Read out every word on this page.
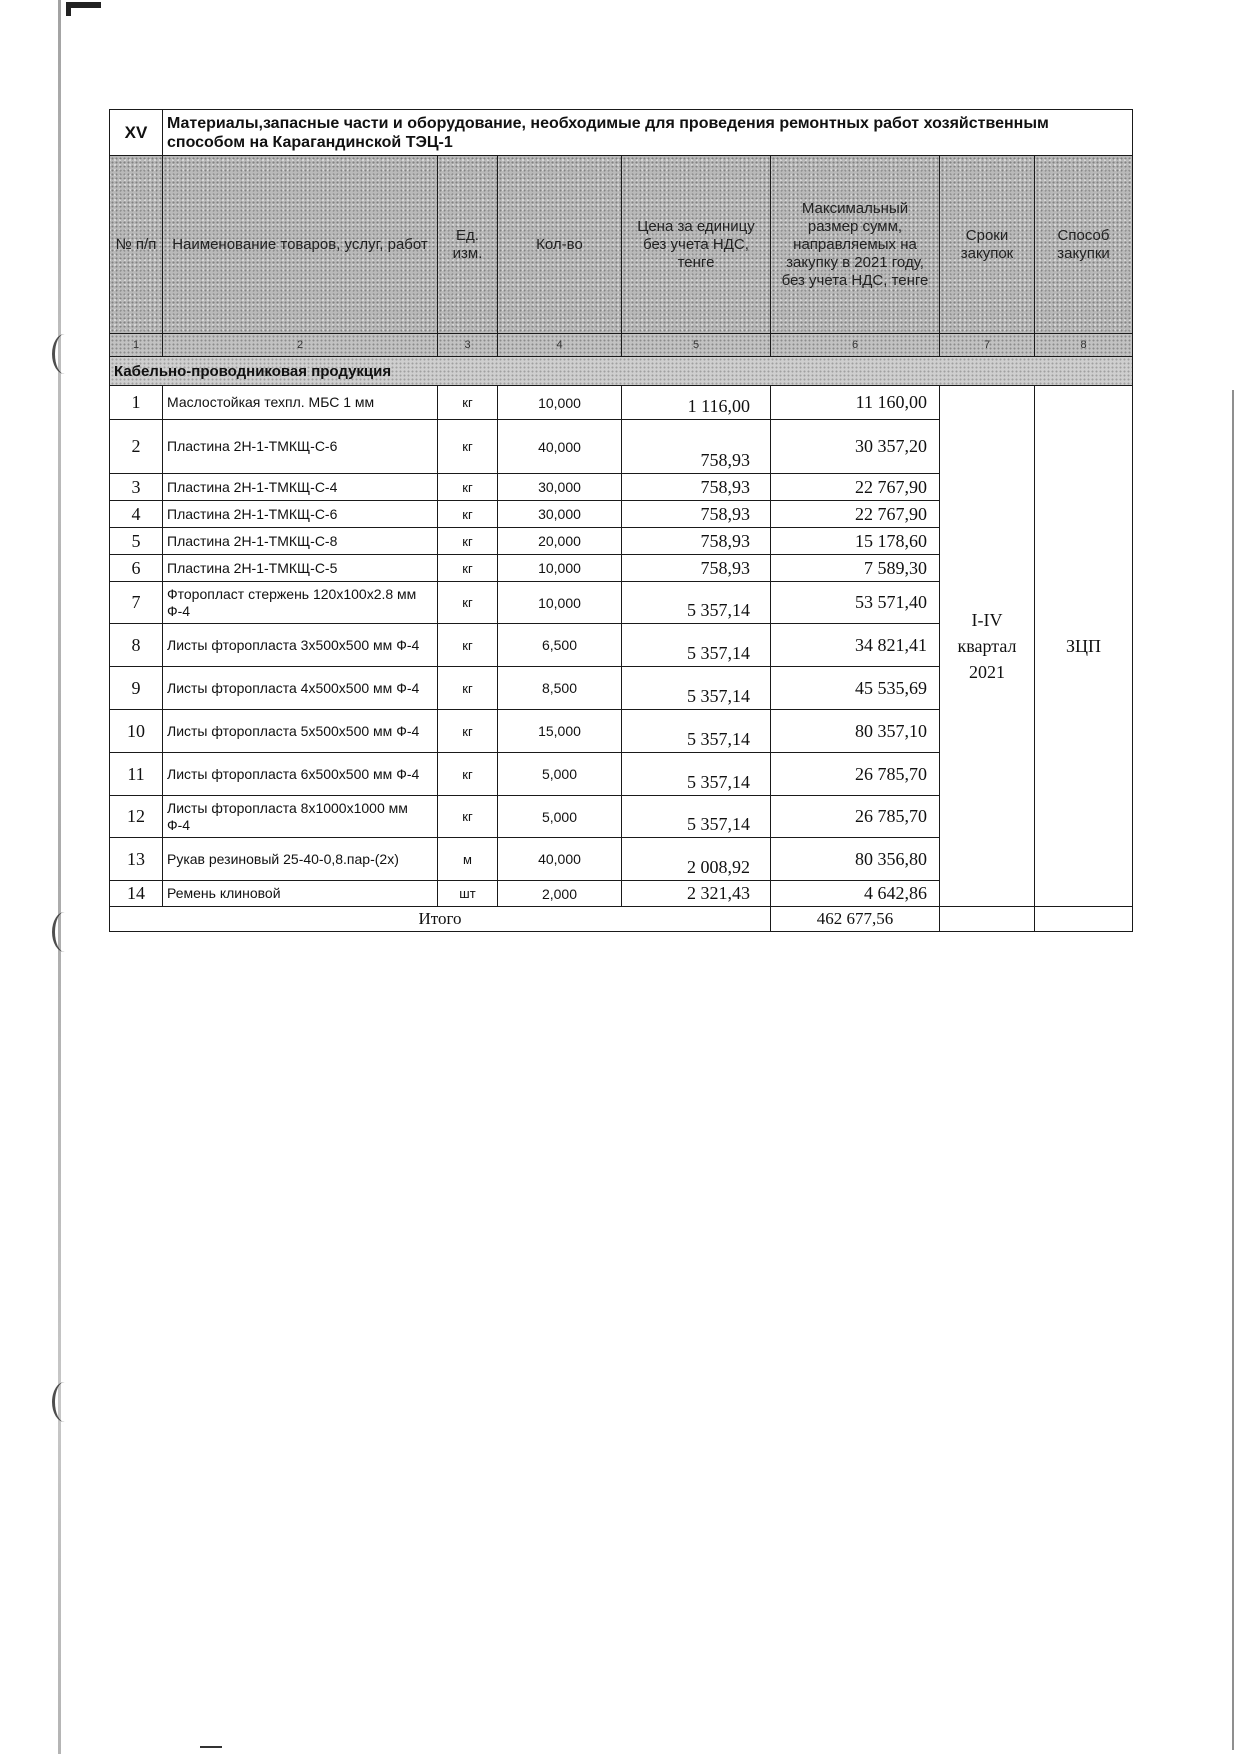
XV	Материалы,запасные части и оборудование, необходимые для проведения ремонтных работ хозяйственным способом на Карагандинской ТЭЦ-1						
№ п/п	Наименование товаров, услуг, работ	Ед. изм.	Кол-во	Цена за единицу без учета НДС, тенге	Максимальный размер сумм, направляемых на закупку в 2021 году, без учета НДС, тенге	Сроки закупок	Способ закупки
1	2	3	4	5	6	7	8
Кабельно-проводниковая продукция							
1	Маслостойкая техпл. МБС 1 мм	кг	10,000	1 116,00	11 160,00	I-IV квартал 2021	ЗЦП
2	Пластина 2Н-1-ТМКЩ-С-6	кг	40,000	758,93	30 357,20		
3	Пластина 2Н-1-ТМКЩ-С-4	кг	30,000	758,93	22 767,90		
4	Пластина 2Н-1-ТМКЩ-С-6	кг	30,000	758,93	22 767,90		
5	Пластина 2Н-1-ТМКЩ-С-8	кг	20,000	758,93	15 178,60		
6	Пластина 2Н-1-ТМКЩ-С-5	кг	10,000	758,93	7 589,30		
7	Фторопласт стержень 120х100х2.8 мм Ф-4	кг	10,000	5 357,14	53 571,40		
8	Листы фторопласта 3х500х500 мм Ф-4	кг	6,500	5 357,14	34 821,41		
9	Листы фторопласта 4х500х500 мм Ф-4	кг	8,500	5 357,14	45 535,69		
10	Листы фторопласта 5х500х500 мм Ф-4	кг	15,000	5 357,14	80 357,10		
11	Листы фторопласта 6х500х500 мм Ф-4	кг	5,000	5 357,14	26 785,70		
12	Листы фторопласта 8х1000х1000 мм Ф-4	кг	5,000	5 357,14	26 785,70		
13	Рукав резиновый 25-40-0,8.пар-(2х)	м	40,000	2 008,92	80 356,80		
14	Ремень клиновой	шт	2,000	2 321,43	4 642,86		
Итого					462 677,56		
